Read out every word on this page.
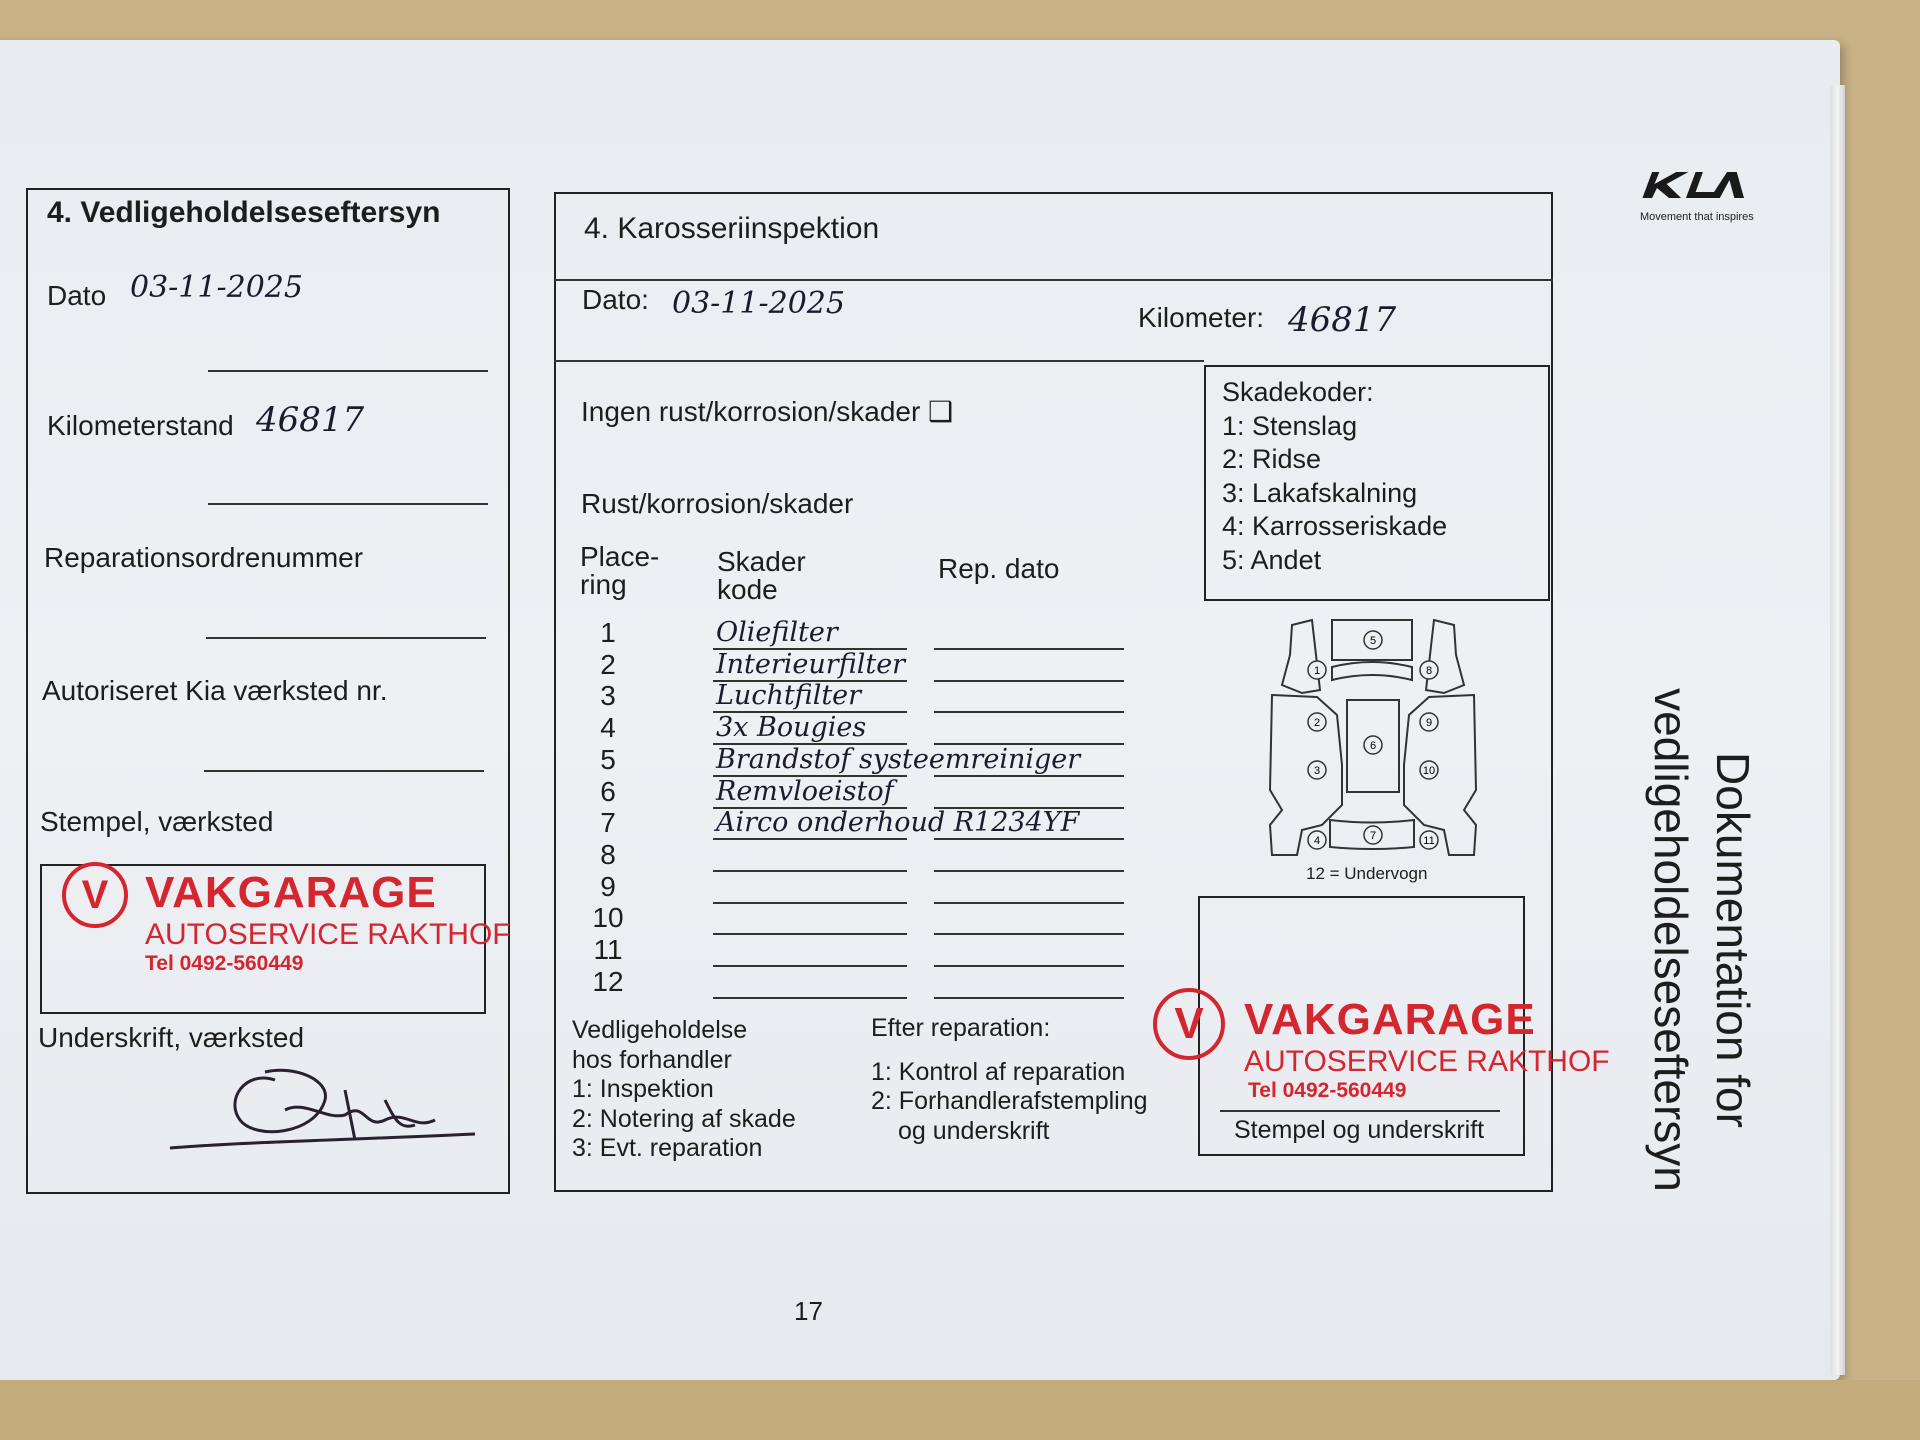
Movement that inspires
Dokumentation for
vedligeholdelseseftersyn
17
4. Vedligeholdelseseftersyn
Dato 03-11-2025
Kilometerstand 46817
Reparationsordrenummer
Autoriseret Kia værksted nr.
Stempel, værksted
V VAKGARAGE
AUTOSERVICE RAKTHOF
Tel 0492-560449
Underskrift, værksted
4. Karosseriinspektion
Dato: 03-11-2025	Kilometer: 46817
Ingen rust/korrosion/skader ❑
Rust/korrosion/skader
Place-
ring
Skader
kode
Rep. dato
1	Oliefilter
2	Interieurfilter
3	Luchtfilter
4	3x Bougies
5	Brandstof systeemreiniger
6	Remvloeistof
7	Airco onderhoud R1234YF
8
9
10
11
12
Skadekoder:
1: Stenslag
2: Ridse
3: Lakafskalning
4: Karrosseriskade
5: Andet
1
2
3
4
5
6
7
8
9
10
11
12 = Undervogn
V VAKGARAGE
AUTOSERVICE RAKTHOF
Tel 0492-560449
Stempel og underskrift
Vedligeholdelse
hos forhandler
1: Inspektion
2: Notering af skade
3: Evt. reparation
Efter reparation:
1: Kontrol af reparation
2: Forhandlerafstempling
og underskrift
